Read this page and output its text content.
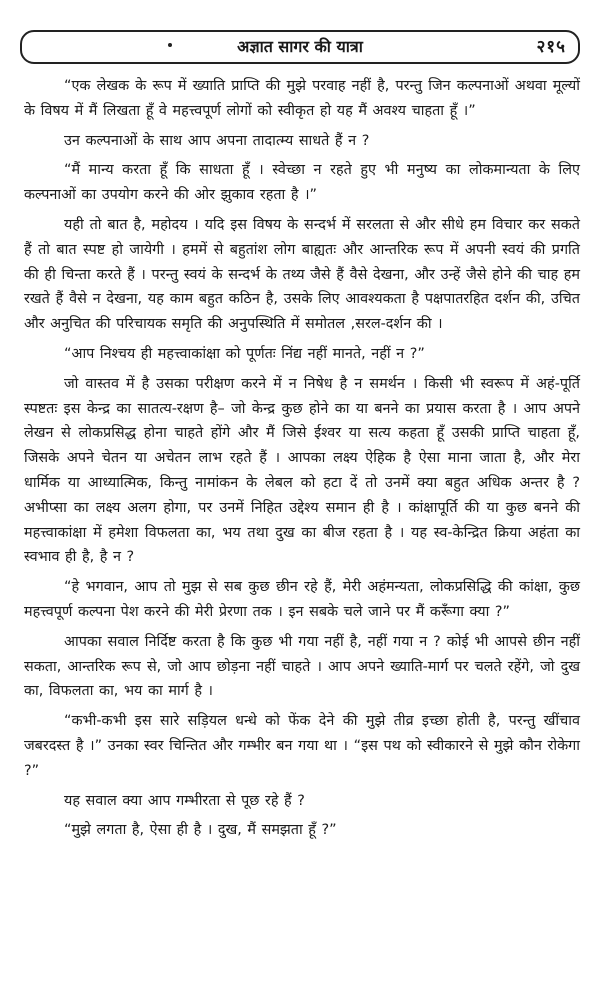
अज्ञात सागर की यात्रा	२१५

“एक लेखक के रूप में ख्याति प्राप्ति की मुझे परवाह नहीं है, परन्तु जिन कल्पनाओं अथवा मूल्यों के विषय में मैं लिखता हूँ वे महत्त्वपूर्ण लोगों को स्वीकृत हो यह मैं अवश्य चाहता हूँ ।”

उन कल्पनाओं के साथ आप अपना तादात्म्य साधते हैं न ?

“मैं मान्य करता हूँ कि साधता हूँ । स्वेच्छा न रहते हुए भी मनुष्य का लोकमान्यता के लिए कल्पनाओं का उपयोग करने की ओर झुकाव रहता है ।”

यही तो बात है, महोदय । यदि इस विषय के सन्दर्भ में सरलता से और सीधे हम विचार कर सकते हैं तो बात स्पष्ट हो जायेगी । हममें से बहुतांश लोग बाह्यतः और आन्तरिक रूप में अपनी स्वयं की प्रगति की ही चिन्ता करते हैं । परन्तु स्वयं के सन्दर्भ के तथ्य जैसे हैं वैसे देखना, और उन्हें जैसे होने की चाह हम रखते हैं वैसे न देखना, यह काम बहुत कठिन है, उसके लिए आवश्यकता है पक्षपातरहित दर्शन की, उचित और अनुचित की परिचायक समृति की अनुपस्थिति में समोतल ,सरल-दर्शन की ।

“आप निश्चय ही महत्त्वाकांक्षा को पूर्णतः निंद्य नहीं मानते, नहीं न ?”

जो वास्तव में है उसका परीक्षण करने में न निषेध है न समर्थन । किसी भी स्वरूप में अहं-पूर्ति स्पष्टतः इस केन्द्र का सातत्य-रक्षण है– जो केन्द्र कुछ होने का या बनने का प्रयास करता है । आप अपने लेखन से लोकप्रसिद्ध होना चाहते होंगे और मैं जिसे ईश्वर या सत्य कहता हूँ उसकी प्राप्ति चाहता हूँ, जिसके अपने चेतन या अचेतन लाभ रहते हैं । आपका लक्ष्य ऐहिक है ऐसा माना जाता है, और मेरा धार्मिक या आध्यात्मिक, किन्तु नामांकन के लेबल को हटा दें तो उनमें क्या बहुत अधिक अन्तर है ? अभीप्सा का लक्ष्य अलग होगा, पर उनमें निहित उद्देश्य समान ही है । कांक्षापूर्ति की या कुछ बनने की महत्त्वाकांक्षा में हमेशा विफलता का, भय तथा दुख का बीज रहता है । यह स्व-केन्द्रित क्रिया अहंता का स्वभाव ही है, है न ?

“हे भगवान, आप तो मुझ से सब कुछ छीन रहे हैं, मेरी अहंमन्यता, लोकप्रसिद्धि की कांक्षा, कुछ महत्त्वपूर्ण कल्पना पेश करने की मेरी प्रेरणा तक । इन सबके चले जाने पर मैं करूँगा क्या ?”

आपका सवाल निर्दिष्ट करता है कि कुछ भी गया नहीं है, नहीं गया न ? कोई भी आपसे छीन नहीं सकता, आन्तरिक रूप से, जो आप छोड़ना नहीं चाहते । आप अपने ख्याति-मार्ग पर चलते रहेंगे, जो दुख का, विफलता का, भय का मार्ग है ।

“कभी-कभी इस सारे सड़ियल धन्धे को फेंक देने की मुझे तीव्र इच्छा होती है, परन्तु खींचाव जबरदस्त है ।” उनका स्वर चिन्तित और गम्भीर बन गया था । “इस पथ को स्वीकारने से मुझे कौन रोकेगा ?”

यह सवाल क्या आप गम्भीरता से पूछ रहे हैं ?

“मुझे लगता है, ऐसा ही है । दुख, मैं समझता हूँ ?”
